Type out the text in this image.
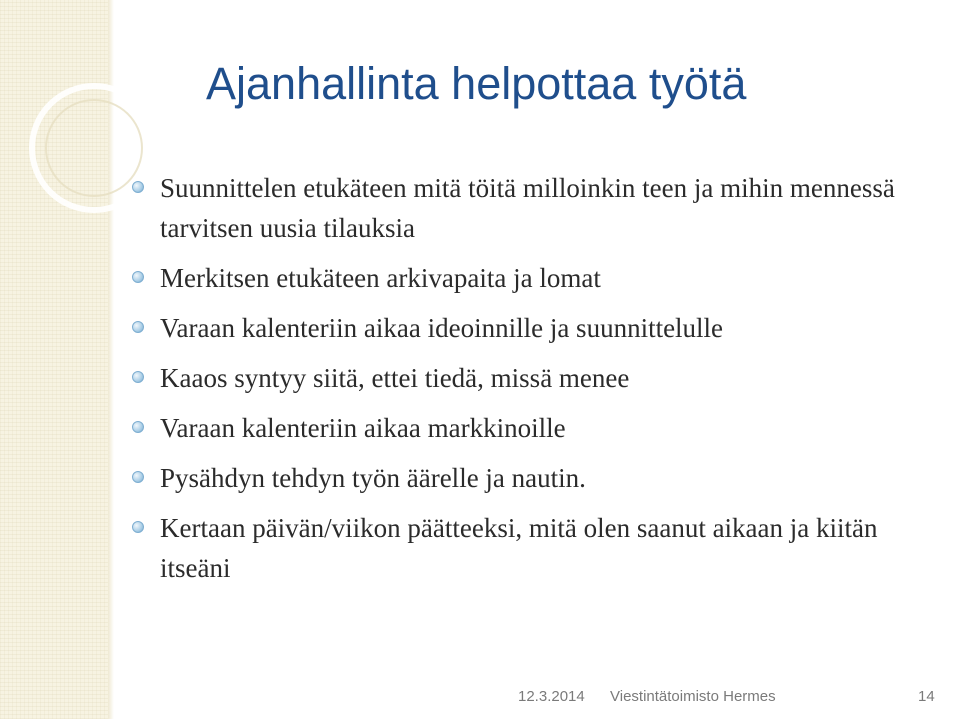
Ajanhallinta helpottaa työtä
Suunnittelen etukäteen mitä töitä milloinkin teen ja mihin mennessä tarvitsen uusia tilauksia
Merkitsen etukäteen arkivapaita ja lomat
Varaan kalenteriin aikaa ideoinnille ja suunnittelulle
Kaaos syntyy siitä, ettei tiedä, missä menee
Varaan kalenteriin aikaa markkinoille
Pysähdyn tehdyn työn äärelle ja nautin.
Kertaan päivän/viikon päätteeksi, mitä olen saanut aikaan ja kiitän itseäni
12.3.2014 Viestintätoimisto Hermes	14
